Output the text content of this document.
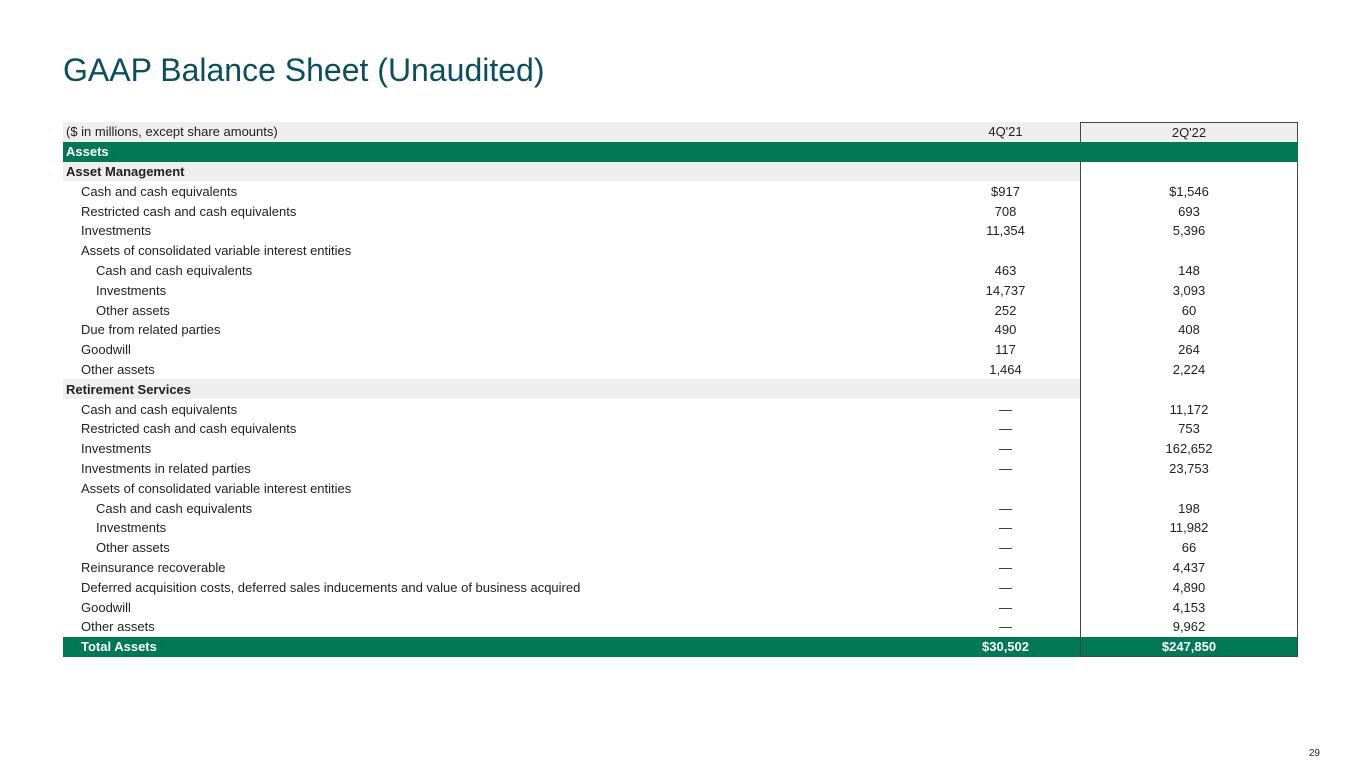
GAAP Balance Sheet (Unaudited)
($ in millions, except share amounts)	4Q'21	2Q'22
Assets
Asset Management
Cash and cash equivalents	$917	$1,546
Restricted cash and cash equivalents	708	693
Investments	11,354	5,396
Assets of consolidated variable interest entities
Cash and cash equivalents	463	148
Investments	14,737	3,093
Other assets	252	60
Due from related parties	490	408
Goodwill	117	264
Other assets	1,464	2,224
Retirement Services
Cash and cash equivalents	—	11,172
Restricted cash and cash equivalents	—	753
Investments	—	162,652
Investments in related parties	—	23,753
Assets of consolidated variable interest entities
Cash and cash equivalents	—	198
Investments	—	11,982
Other assets	—	66
Reinsurance recoverable	—	4,437
Deferred acquisition costs, deferred sales inducements and value of business acquired	—	4,890
Goodwill	—	4,153
Other assets	—	9,962
Total Assets	$30,502	$247,850
29
